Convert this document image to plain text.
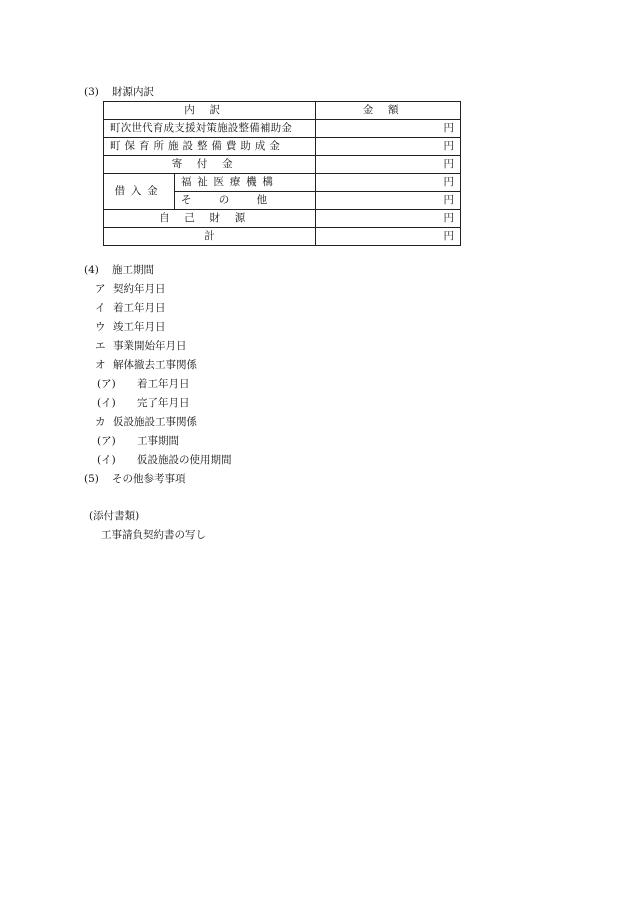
(3) 財源内訳
内訳		金額
町次世代育成支援対策施設整備補助金		円
町保育所施設整備費助成金		円
寄付金		円
借入金	福祉医療機構	円
	その他	円
自己財源		円
計		円
(4) 施工期間
ア 契約年月日
イ 着工年月日
ウ 竣工年月日
エ 事業開始年月日
オ 解体撤去工事関係
(ア) 着工年月日
(イ) 完了年月日
カ 仮設施設工事関係
(ア) 工事期間
(イ) 仮設施設の使用期間
(5) その他参考事項
(添付書類)
工事請負契約書の写し
